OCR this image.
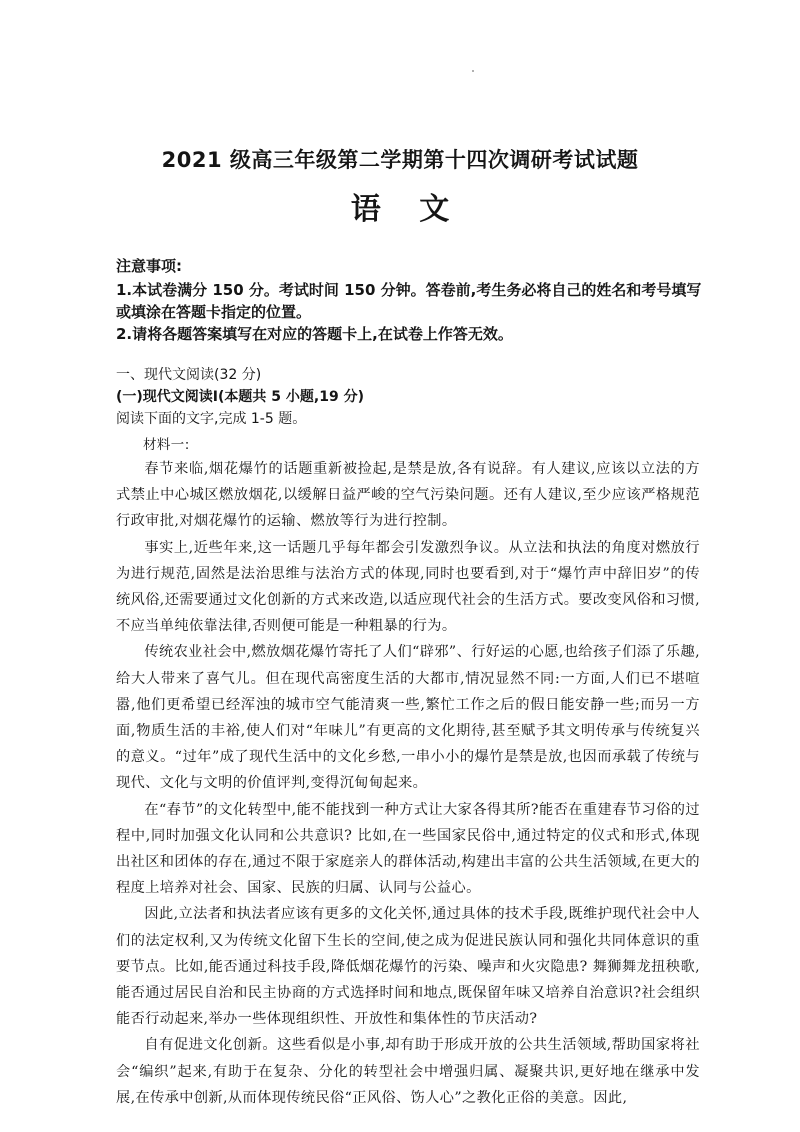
2021 级高三年级第二学期第十四次调研考试试题
语 文

注意事项:

1.本试卷满分 150 分。考试时间 150 分钟。答卷前,考生务必将自己的姓名和考号填写或填涂在答题卡指定的位置。

2.请将各题答案填写在对应的答题卡上,在试卷上作答无效。

一、现代文阅读(32 分)

(一)现代文阅读Ⅰ(本题共 5 小题,19 分)

阅读下面的文字,完成 1-5 题。

材料一:

春节来临,烟花爆竹的话题重新被捡起,是禁是放,各有说辞。有人建议,应该以立法的方式禁止中心城区燃放烟花,以缓解日益严峻的空气污染问题。还有人建议,至少应该严格规范行政审批,对烟花爆竹的运输、燃放等行为进行控制。

事实上,近些年来,这一话题几乎每年都会引发激烈争议。从立法和执法的角度对燃放行为进行规范,固然是法治思维与法治方式的体现,同时也要看到,对于“爆竹声中辞旧岁”的传统风俗,还需要通过文化创新的方式来改造,以适应现代社会的生活方式。要改变风俗和习惯,不应当单纯依靠法律,否则便可能是一种粗暴的行为。

传统农业社会中,燃放烟花爆竹寄托了人们“辟邪”、行好运的心愿,也给孩子们添了乐趣,给大人带来了喜气儿。但在现代高密度生活的大都市,情况显然不同:一方面,人们已不堪喧嚣,他们更希望已经浑浊的城市空气能清爽一些,繁忙工作之后的假日能安静一些;而另一方面,物质生活的丰裕,使人们对“年味儿”有更高的文化期待,甚至赋予其文明传承与传统复兴的意义。“过年”成了现代生活中的文化乡愁,一串小小的爆竹是禁是放,也因而承载了传统与现代、文化与文明的价值评判,变得沉甸甸起来。

在“春节”的文化转型中,能不能找到一种方式让大家各得其所?能否在重建春节习俗的过程中,同时加强文化认同和公共意识? 比如,在一些国家民俗中,通过特定的仪式和形式,体现出社区和团体的存在,通过不限于家庭亲人的群体活动,构建出丰富的公共生活领域,在更大的程度上培养对社会、国家、民族的归属、认同与公益心。

因此,立法者和执法者应该有更多的文化关怀,通过具体的技术手段,既维护现代社会中人们的法定权利,又为传统文化留下生长的空间,使之成为促进民族认同和强化共同体意识的重要节点。比如,能否通过科技手段,降低烟花爆竹的污染、噪声和火灾隐患? 舞狮舞龙扭秧歌,能否通过居民自治和民主协商的方式选择时间和地点,既保留年味又培养自治意识?社会组织能否行动起来,举办一些体现组织性、开放性和集体性的节庆活动?

自有促进文化创新。这些看似是小事,却有助于形成开放的公共生活领域,帮助国家将社会“编织”起来,有助于在复杂、分化的转型社会中增强归属、凝聚共识,更好地在继承中发展,在传承中创新,从而体现传统民俗“正风俗、饬人心”之教化正俗的美意。因此,
